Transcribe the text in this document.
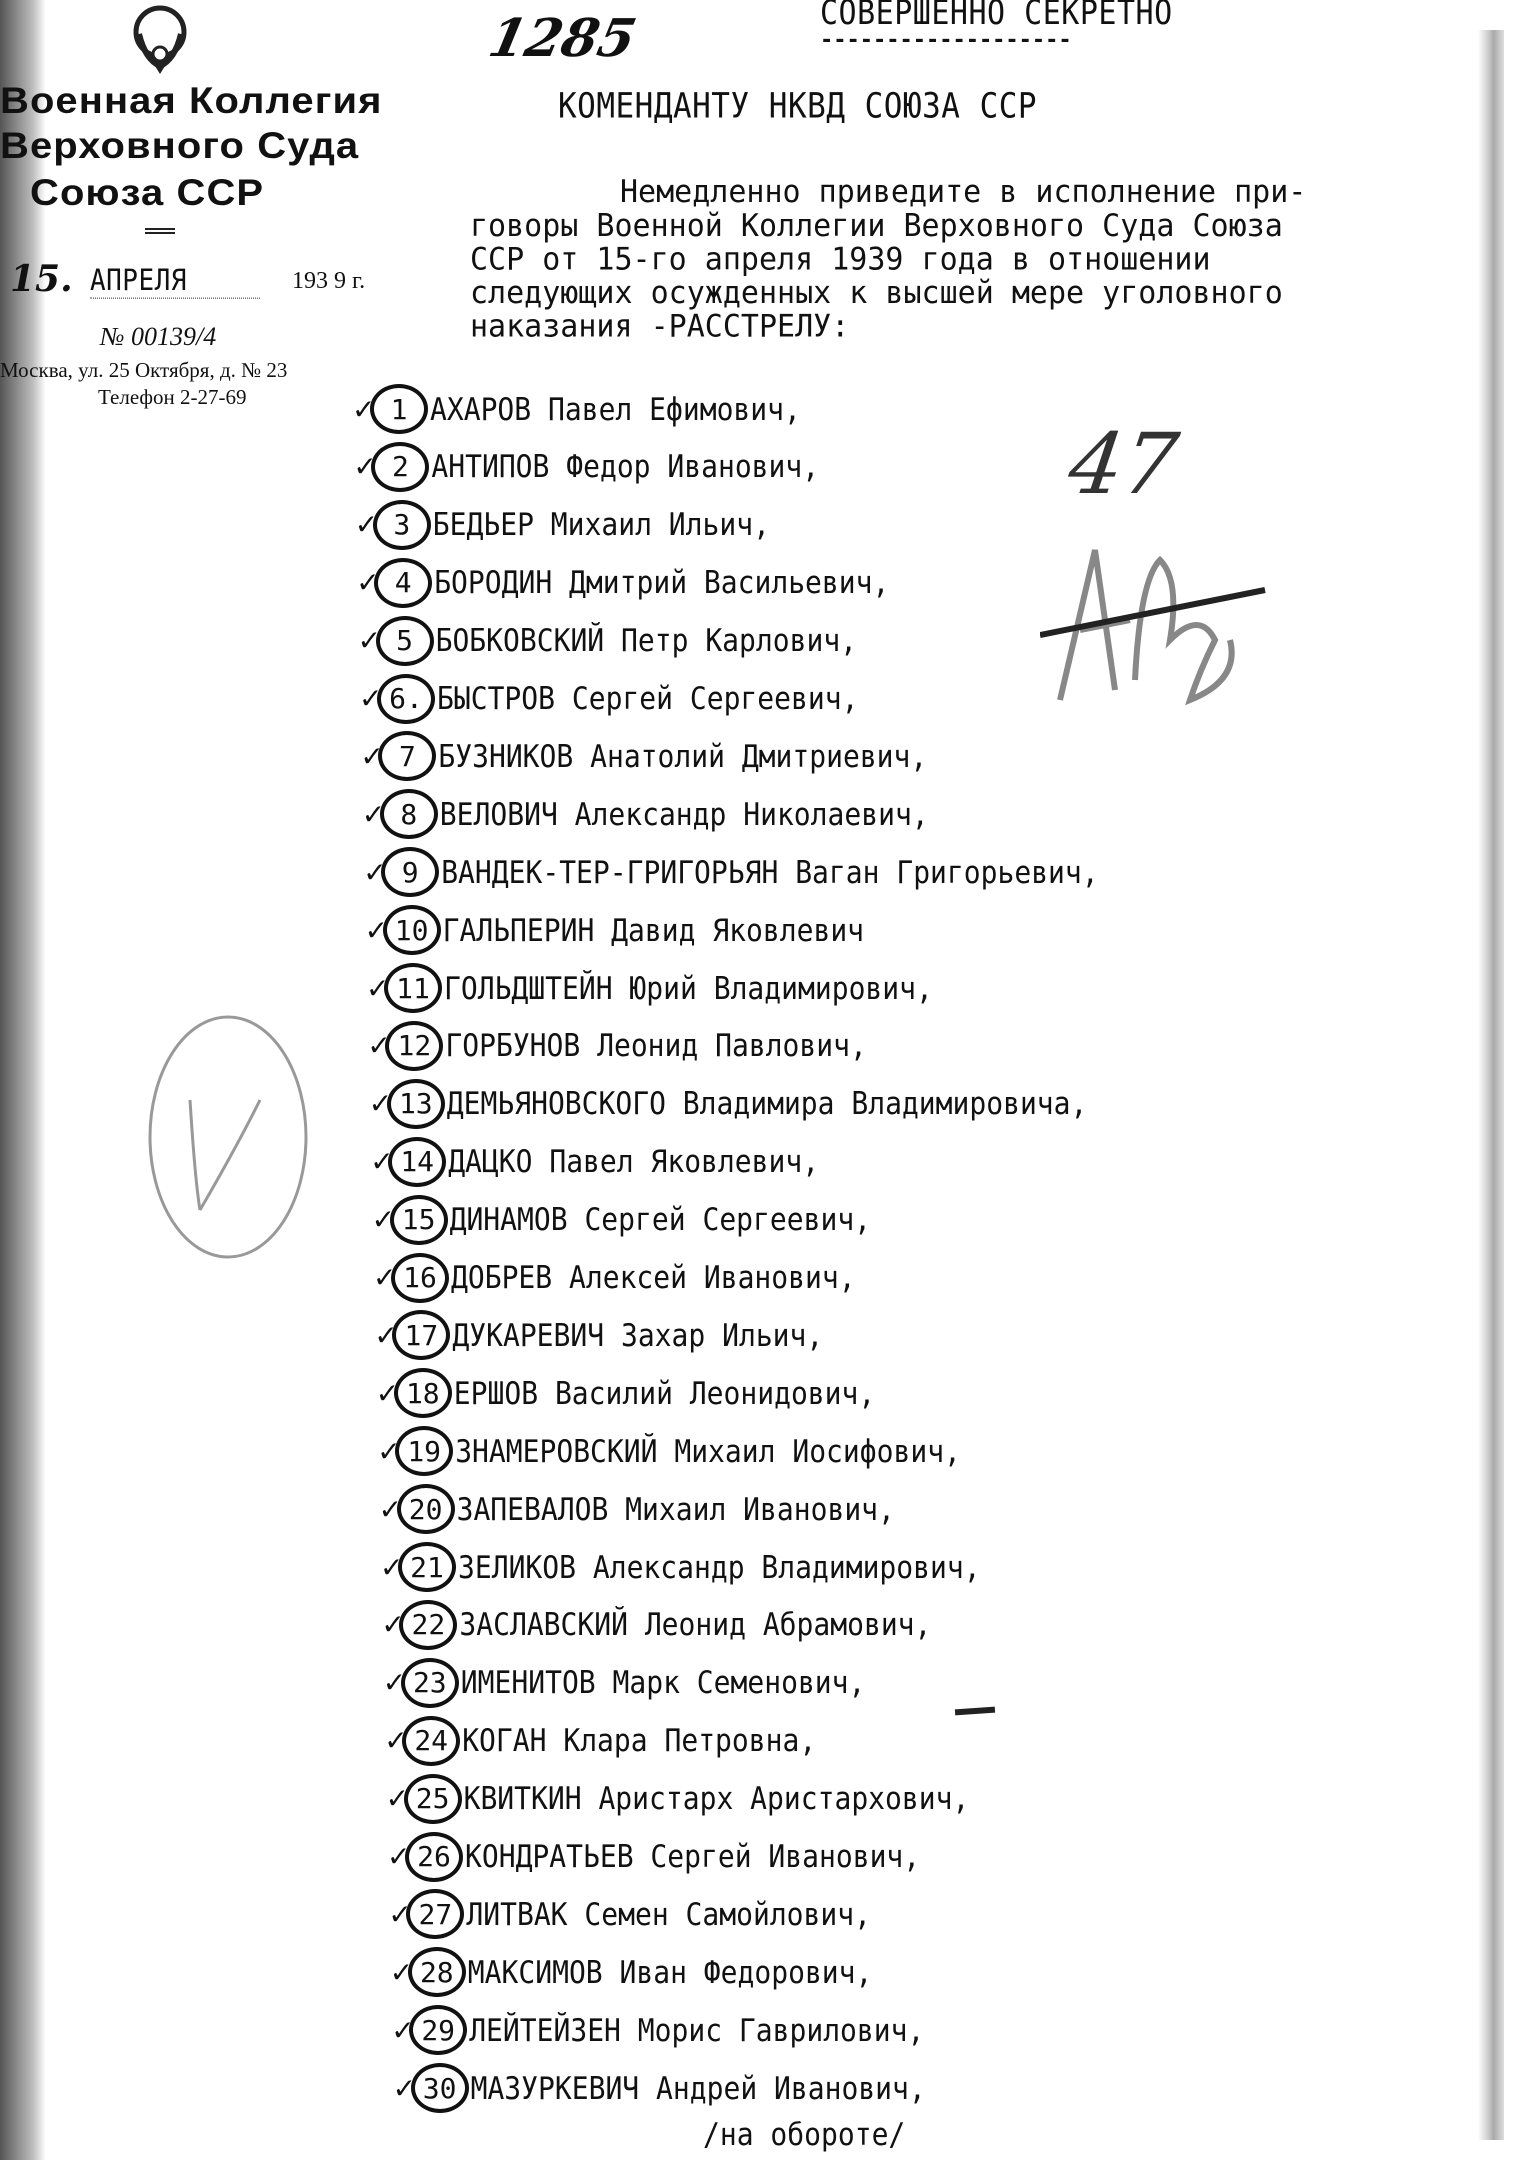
1285	СОВЕРШЕННО СЕКРЕТНО
-------------------
Военная Коллегия
Верховного Суда
Союза ССР
15. АПРЕЛЯ	193 9 г.
№ 00139/4
Москва, ул. 25 Октября, д. № 23
Телефон 2-27-69
КОМЕНДАНТУ НКВД СОЮЗА ССР
Немедленно приведите в исполнение при-
говоры Военной Коллегии Верховного Суда Союза
ССР от 15-го апреля 1939 года в отношении
следующих осужденных к высшей мере уголовного
наказания -РАССТРЕЛУ:
✓ 1 АХАРОВ Павел Ефимович,
✓ 2 АНТИПОВ Федор Иванович,
✓ 3 БЕДЬЕР Михаил Ильич,
✓ 4 БОРОДИН Дмитрий Васильевич,
✓ 5 БОБКОВСКИЙ Петр Карлович,
✓ 6. БЫСТРОВ Сергей Сергеевич,
✓ 7 БУЗНИКОВ Анатолий Дмитриевич,
✓ 8 ВЕЛОВИЧ Александр Николаевич,
✓ 9 ВАНДЕК-ТЕР-ГРИГОРЬЯН Ваган Григорьевич,
✓ 10 ГАЛЬПЕРИН Давид Яковлевич
✓ 11 ГОЛЬДШТЕЙН Юрий Владимирович,
✓ 12 ГОРБУНОВ Леонид Павлович,
✓ 13 ДЕМЬЯНОВСКОГО Владимира Владимировича,
✓ 14 ДАЦКО Павел Яковлевич,
✓ 15 ДИНАМОВ Сергей Сергеевич,
✓ 16 ДОБРЕВ Алексей Иванович,
✓ 17 ДУКАРЕВИЧ Захар Ильич,
✓ 18 ЕРШОВ Василий Леонидович,
✓ 19 ЗНАМЕРОВСКИЙ Михаил Иосифович,
✓ 20 ЗАПЕВАЛОВ Михаил Иванович,
✓ 21 ЗЕЛИКОВ Александр Владимирович,
✓ 22 ЗАСЛАВСКИЙ Леонид Абрамович,
✓ 23 ИМЕНИТОВ Марк Семенович,
✓ 24 КОГАН Клара Петровна,
✓ 25 КВИТКИН Аристарх Аристархович,
✓ 26 КОНДРАТЬЕВ Сергей Иванович,
✓ 27 ЛИТВАК Семен Самойлович,
✓ 28 МАКСИМОВ Иван Федорович,
✓ 29 ЛЕЙТЕЙЗЕН Морис Гаврилович,
✓ 30 МАЗУРКЕВИЧ Андрей Иванович,
/на обороте/
47
